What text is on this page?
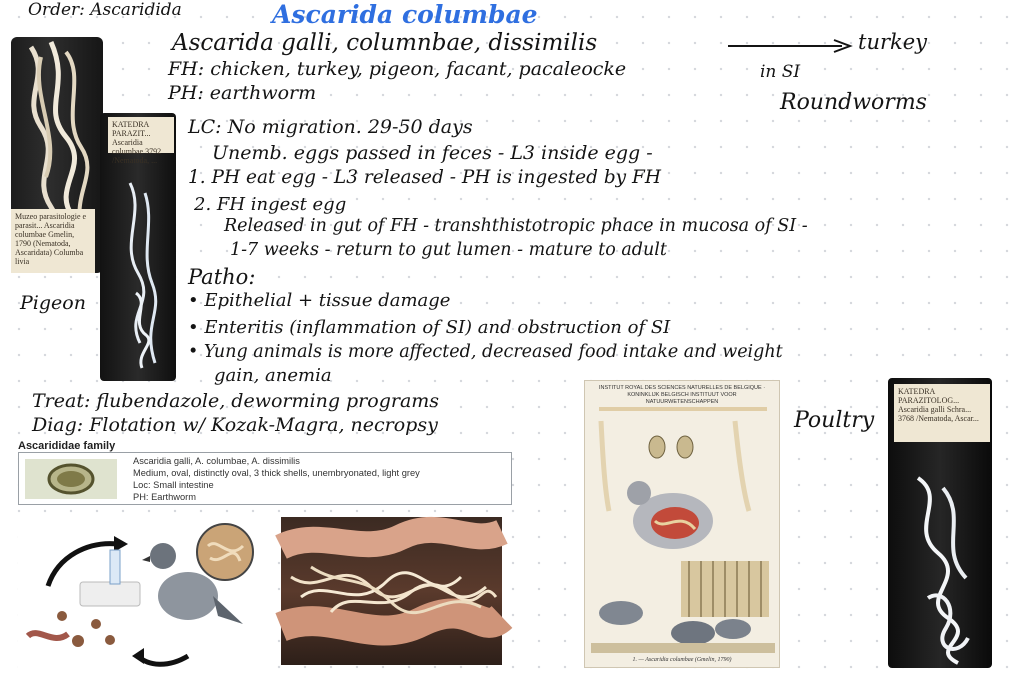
Order: Ascaridida	Ascarida columbae
Ascarida galli, columnbae, dissimilis	turkey
FH: chicken, turkey, pigeon, facant, pacaleocke	in SI
PH: earthworm	Roundworms
LC: No migration. 29-50 days
Unemb. eggs passed in feces - L3 inside egg -
1. PH eat egg - L3 released - PH is ingested by FH
2. FH ingest egg
Released in gut of FH - transhthistotropic phace in mucosa of SI -
1-7 weeks - return to gut lumen - mature to adult
Patho:
• Epithelial + tissue damage
• Enteritis (inflammation of SI) and obstruction of SI
• Yung animals is more affected, decreased food intake and weight
gain, anemia
Pigeon
Treat: flubendazole, deworming programs
Diag: Flotation w/ Kozak-Magra, necropsy	Poultry
Muzeo parasitologie e parasit... Ascaridia columbae Gmelin, 1790 (Nematoda, Ascaridata) Columba livia
KATEDRA PARAZIT... Ascaridia columbae 3792 /Nematoda, ...
KATEDRA PARAZITOLOG... Ascaridia galli Schra... 3768 /Nematoda, Ascar...
Ascarididae family
Ascaridia galli, A. columbae, A. dissimilis
Medium, oval, distinctly oval, 3 thick shells, unembryonated, light grey
Loc: Small intestine
PH: Earthworm
INSTITUT ROYAL DES SCIENCES NATURELLES DE BELGIQUE · KONINKLIJK BELGISCH INSTITUUT VOOR NATUURWETENSCHAPPEN
1. — Ascaridia columbae (Gmelin, 1790)
